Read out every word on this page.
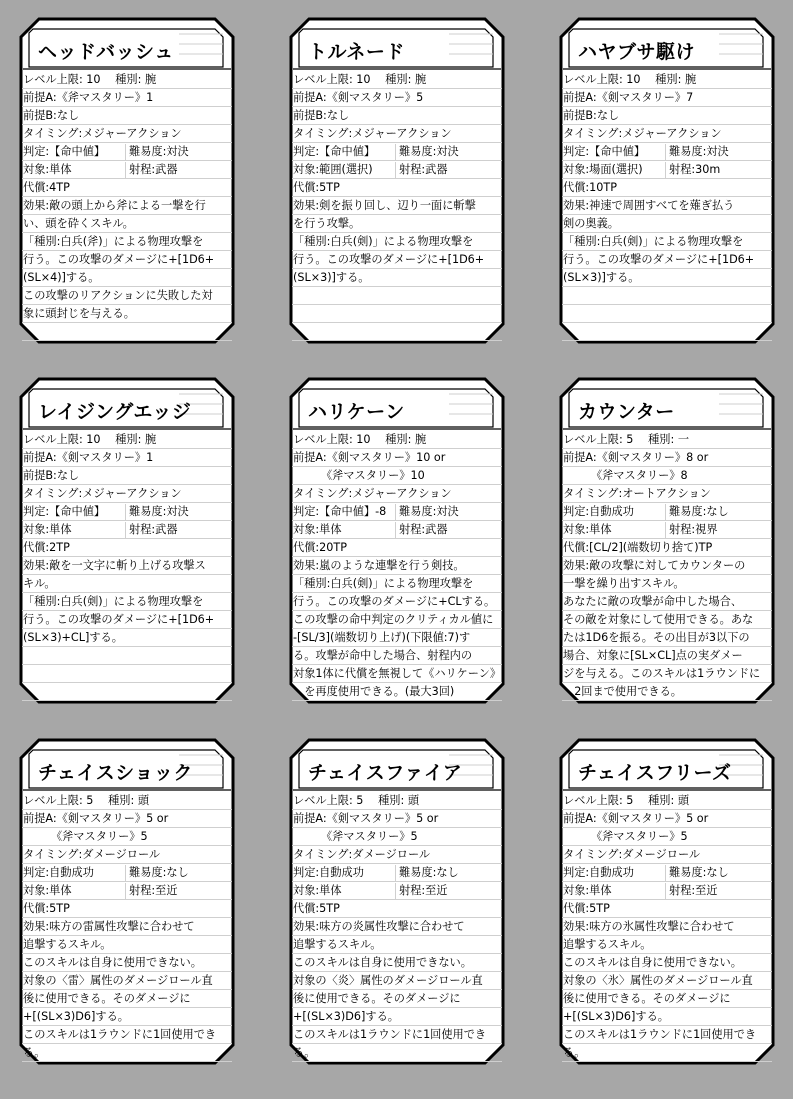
ヘッドバッシュ
レベル上限: 10　 種別: 腕
前提A:《斧マスタリー》1
前提B:なし
タイミング:メジャーアクション
判定:【命中値】 難易度:対決
対象:単体	射程:武器
代償:4TP
効果:敵の頭上から斧による一撃を行
い、頭を砕くスキル。
「種別:白兵(斧)」による物理攻撃を
行う。この攻撃のダメージに+[1D6+
(SL×4)]する。
この攻撃のリアクションに失敗した対
象に頭封じを与える。
トルネード
レベル上限: 10　 種別: 腕
前提A:《剣マスタリー》5
前提B:なし
タイミング:メジャーアクション
判定:【命中値】 難易度:対決
対象:範囲(選択) 射程:武器
代償:5TP
効果:剣を振り回し、辺り一面に斬撃
を行う攻撃。
「種別:白兵(剣)」による物理攻撃を
行う。この攻撃のダメージに+[1D6+
(SL×3)]する。
ハヤブサ駆け
レベル上限: 10　 種別: 腕
前提A:《剣マスタリー》7
前提B:なし
タイミング:メジャーアクション
判定:【命中値】 難易度:対決
対象:場面(選択) 射程:30m
代償:10TP
効果:神速で周囲すべてを薙ぎ払う
剣の奥義。
「種別:白兵(剣)」による物理攻撃を
行う。この攻撃のダメージに+[1D6+
(SL×3)]する。
レイジングエッジ
レベル上限: 10　 種別: 腕
前提A:《剣マスタリー》1
前提B:なし
タイミング:メジャーアクション
判定:【命中値】 難易度:対決
対象:単体	射程:武器
代償:2TP
効果:敵を一文字に斬り上げる攻撃ス
キル。
「種別:白兵(剣)」による物理攻撃を
行う。この攻撃のダメージに+[1D6+
(SL×3)+CL]する。
ハリケーン
レベル上限: 10　 種別: 腕
前提A:《剣マスタリー》10 or
　　　《斧マスタリー》10
タイミング:メジャーアクション
判定:【命中値】-8 難易度:対決
対象:単体	射程:武器
代償:20TP
効果:嵐のような連撃を行う剣技。
「種別:白兵(剣)」による物理攻撃を
行う。この攻撃のダメージに+CLする。
この攻撃の命中判定のクリティカル値に
-[SL/3](端数切り上げ)(下限値:7)す
る。攻撃が命中した場合、射程内の
対象1体に代償を無視して《ハリケーン》
　を再度使用できる。(最大3回)
カウンター
レベル上限: 5　 種別: 一
前提A:《剣マスタリー》8 or
　　　《斧マスタリー》8
タイミング:オートアクション
判定:自動成功	難易度:なし
対象:単体	射程:視界
代償:[CL/2](端数切り捨て)TP
効果:敵の攻撃に対してカウンターの
一撃を繰り出すスキル。
あなたに敵の攻撃が命中した場合、
その敵を対象にして使用できる。あな
たは1D6を振る。その出目が3以下の
場合、対象に[SL×CL]点の実ダメー
ジを与える。このスキルは1ラウンドに
　2回まで使用できる。
チェイスショック
レベル上限: 5　 種別: 頭
前提A:《剣マスタリー》5 or
　　　《斧マスタリー》5
タイミング:ダメージロール
判定:自動成功	難易度:なし
対象:単体	射程:至近
代償:5TP
効果:味方の雷属性攻撃に合わせて
追撃するスキル。
このスキルは自身に使用できない。
対象の〈雷〉属性のダメージロール直
後に使用できる。そのダメージに
+[(SL×3)D6]する。
このスキルは1ラウンドに1回使用でき
る。
チェイスファイア
レベル上限: 5　 種別: 頭
前提A:《剣マスタリー》5 or
　　　《斧マスタリー》5
タイミング:ダメージロール
判定:自動成功	難易度:なし
対象:単体	射程:至近
代償:5TP
効果:味方の炎属性攻撃に合わせて
追撃するスキル。
このスキルは自身に使用できない。
対象の〈炎〉属性のダメージロール直
後に使用できる。そのダメージに
+[(SL×3)D6]する。
このスキルは1ラウンドに1回使用でき
る。
チェイスフリーズ
レベル上限: 5　 種別: 頭
前提A:《剣マスタリー》5 or
　　　《斧マスタリー》5
タイミング:ダメージロール
判定:自動成功	難易度:なし
対象:単体	射程:至近
代償:5TP
効果:味方の氷属性攻撃に合わせて
追撃するスキル。
このスキルは自身に使用できない。
対象の〈氷〉属性のダメージロール直
後に使用できる。そのダメージに
+[(SL×3)D6]する。
このスキルは1ラウンドに1回使用でき
る。
